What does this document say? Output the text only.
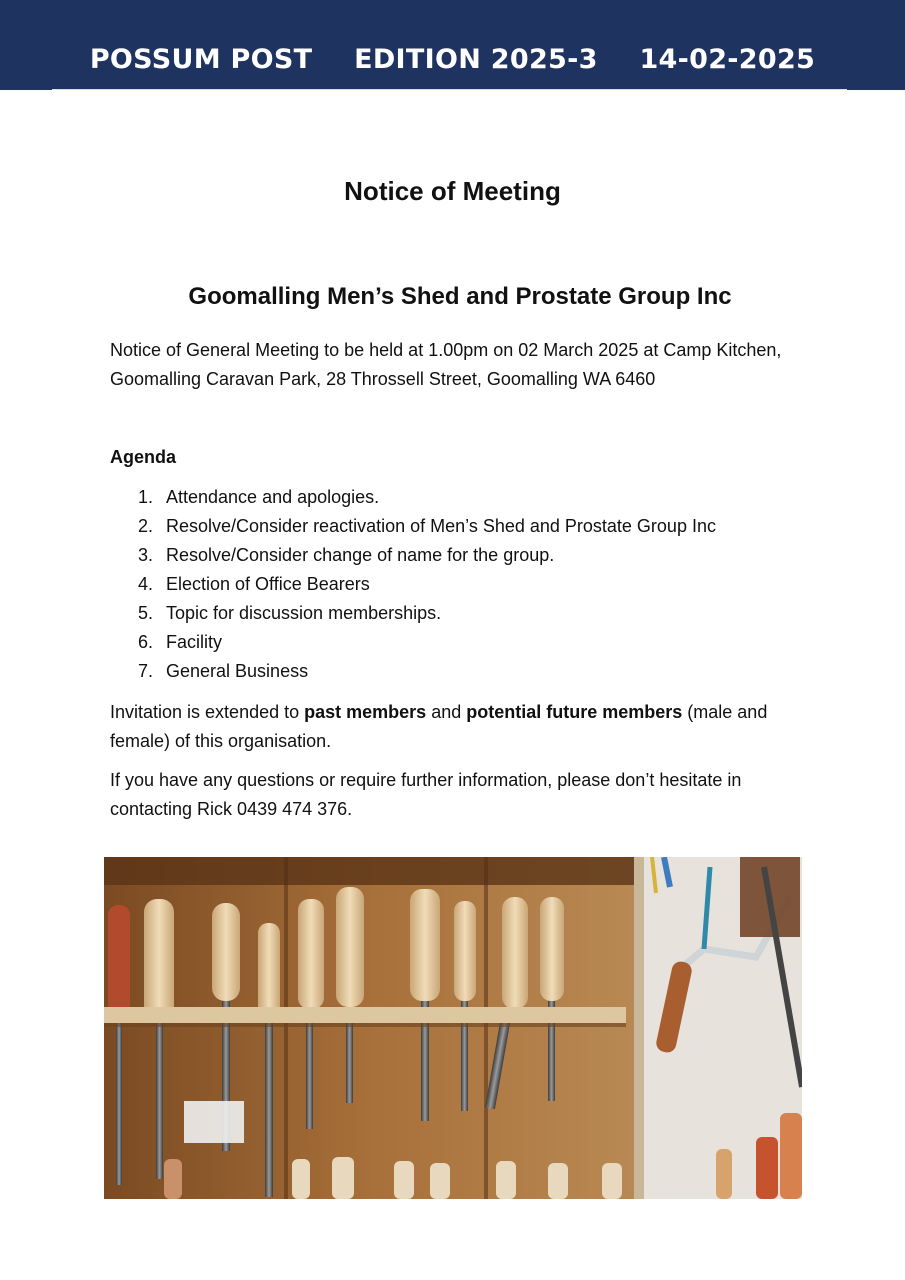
POSSUM POST EDITION 2025-3 14-02-2025
Notice of Meeting
Goomalling Men’s Shed and Prostate Group Inc

Notice of General Meeting to be held at 1.00pm on 02 March 2025 at Camp Kitchen, Goomalling Caravan Park, 28 Throssell Street, Goomalling WA 6460

Agenda

1. Attendance and apologies.
2. Resolve/Consider reactivation of Men’s Shed and Prostate Group Inc
3. Resolve/Consider change of name for the group.
4. Election of Office Bearers
5. Topic for discussion memberships.
6. Facility
7. General Business

Invitation is extended to past members and potential future members (male and female) of this organisation.

If you have any questions or require further information, please don’t hesitate in contacting Rick 0439 474 376.
